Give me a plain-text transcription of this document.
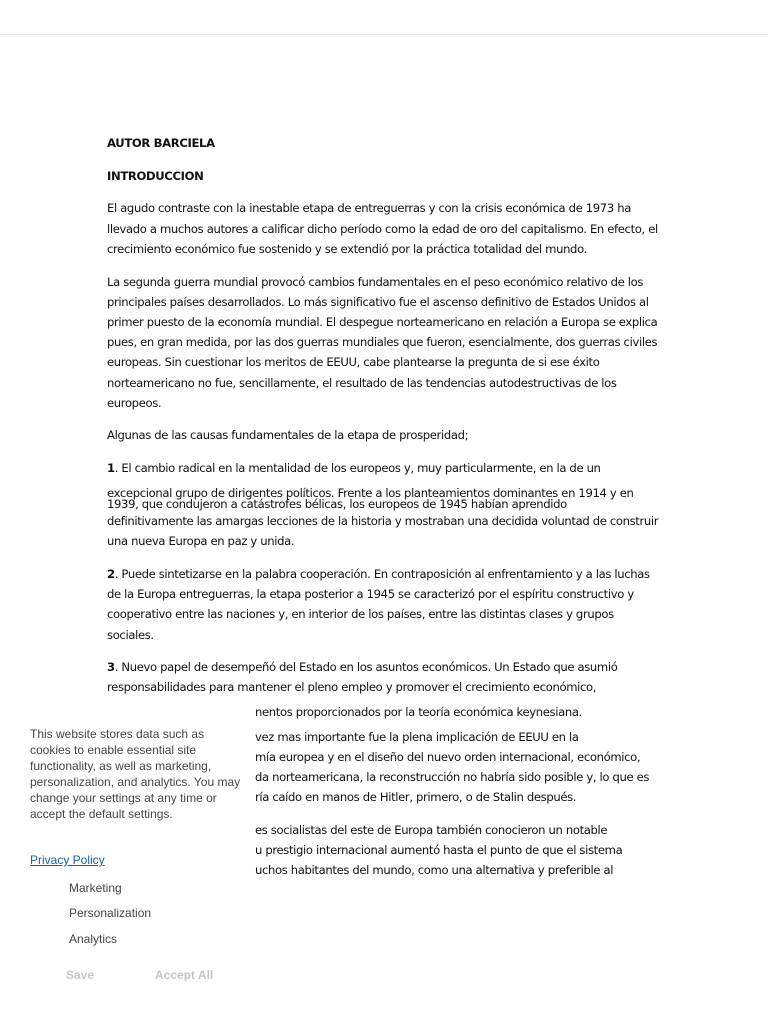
AUTOR BARCIELA

INTRODUCCION

El agudo contraste con la inestable etapa de entreguerras y con la crisis económica de 1973 ha llevado a muchos autores a calificar dicho período como la edad de oro del capitalismo. En efecto, el crecimiento económico fue sostenido y se extendió por la práctica totalidad del mundo.

La segunda guerra mundial provocó cambios fundamentales en el peso económico relativo de los principales países desarrollados. Lo más significativo fue el ascenso definitivo de Estados Unidos al primer puesto de la economía mundial. El despegue norteamericano en relación a Europa se explica pues, en gran medida, por las dos guerras mundiales que fueron, esencialmente, dos guerras civiles europeas. Sin cuestionar los meritos de EEUU, cabe plantearse la pregunta de si ese éxito norteamericano no fue, sencillamente, el resultado de las tendencias autodestructivas de los europeos.

Algunas de las causas fundamentales de la etapa de prosperidad;

1. El cambio radical en la mentalidad de los europeos y, muy particularmente, en la de un
excepcional grupo de dirigentes políticos. Frente a los planteamientos dominantes en 1914 y en

1939, que condujeron a catástrofes bélicas, los europeos de 1945 habían aprendido
definitivamente las amargas lecciones de la historia y mostraban una decidida voluntad de construir una nueva Europa en paz y unida.

2. Puede sintetizarse en la palabra cooperación. En contraposición al enfrentamiento y a las luchas de la Europa entreguerras, la etapa posterior a 1945 se caracterizó por el espíritu constructivo y cooperativo entre las naciones y, en interior de los países, entre las distintas clases y grupos sociales.

3. Nuevo papel de desempeñó del Estado en los asuntos económicos. Un Estado que asumió responsabilidades para mantener el pleno empleo y promover el crecimiento económico,

nentos proporcionados por la teoría económica keynesiana.
vez mas importante fue la plena implicación de EEUU en la
mía europea y en el diseño del nuevo orden internacional, económico,
da norteamericana, la reconstrucción no habría sido posible y, lo que es
ría caído en manos de Hitler, primero, o de Stalin después.
es socialistas del este de Europa también conocieron un notable
u prestigio internacional aumentó hasta el punto de que el sistema
uchos habitantes del mundo, como una alternativa y preferible al
This website stores data such as cookies to enable essential site functionality, as well as marketing, personalization, and analytics. You may change your settings at any time or accept the default settings.
Privacy Policy
Marketing
Personalization
Analytics
Save	Accept All
